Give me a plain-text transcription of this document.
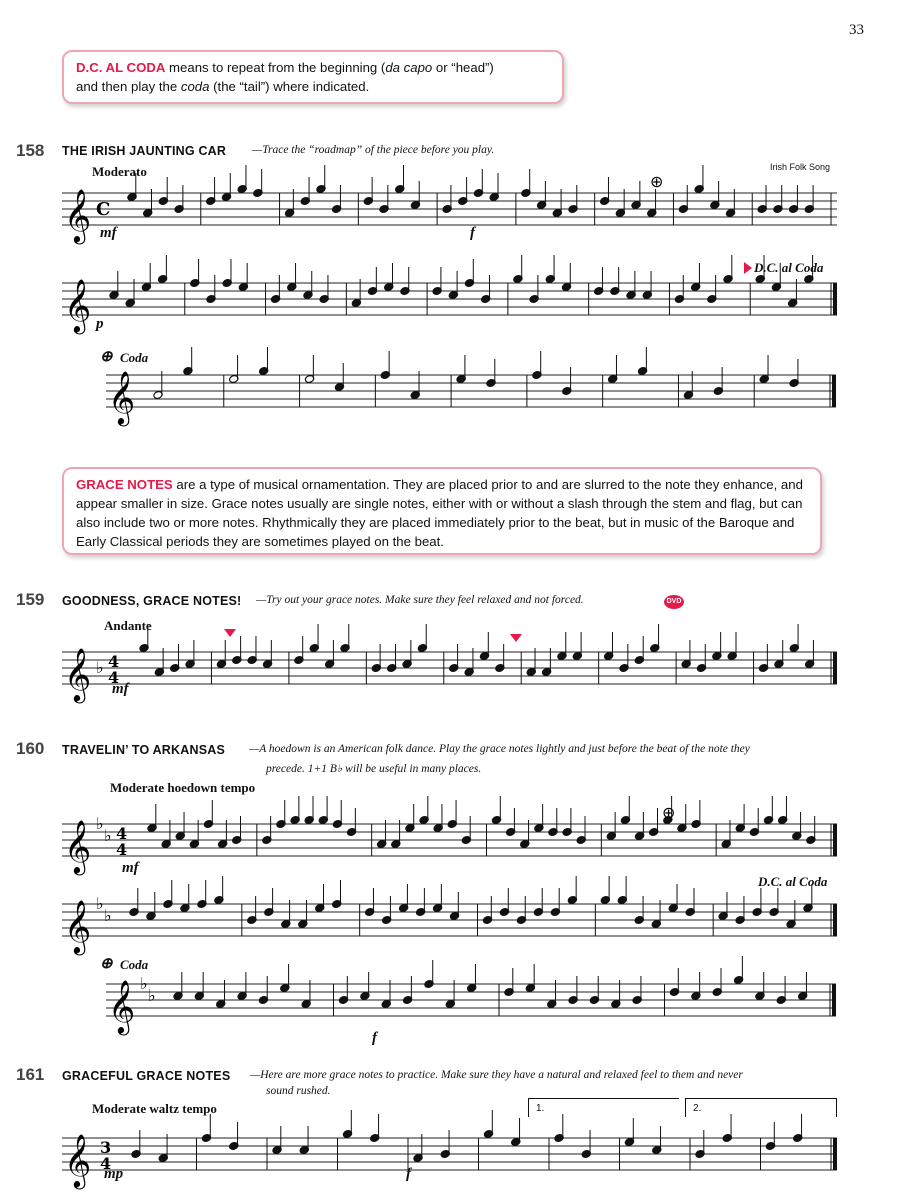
33
D.C. AL CODA means to repeat from the beginning (da capo or “head”)
and then play the coda (the “tail”) where indicated.
158 THE IRISH JAUNTING CAR —Trace the “roadmap” of the piece before you play.
Irish Folk Song
Moderato
mf	f
p
D.C. al Coda
Coda
𝄞 C
⊕
𝄞
𝄞
GRACE NOTES are a type of musical ornamentation. They are placed prior to and are slurred to the note they enhance, and appear smaller in size. Grace notes usually are single notes, either with or without a slash through the stem and flag, but can also include two or more notes. Rhythmically they are placed immediately prior to the beat, but in music of the Baroque and Early Classical periods they are sometimes played on the beat.
159 GOODNESS, GRACE NOTES! —Try out your grace notes. Make sure they feel relaxed and not forced.	DVD
Andante
mf
𝄞 ♭ 4
4
160 TRAVELIN’ TO ARKANSAS —A hoedown is an American folk dance. Play the grace notes lightly and just before the beat of the note they
precede. 1+1 B♭ will be useful in many places.
Moderate hoedown tempo
mf
D.C. al Coda
Coda
f
𝄞 ♭
♭ 4
4
⊕
𝄞 ♭
♭
𝄞 ♭
♭
161 GRACEFUL GRACE NOTES —Here are more grace notes to practice. Make sure they have a natural and relaxed feel to them and never
sound rushed.
Moderate waltz tempo
mp	f
1.	2.
𝄞 3
4
⊕
⊕
